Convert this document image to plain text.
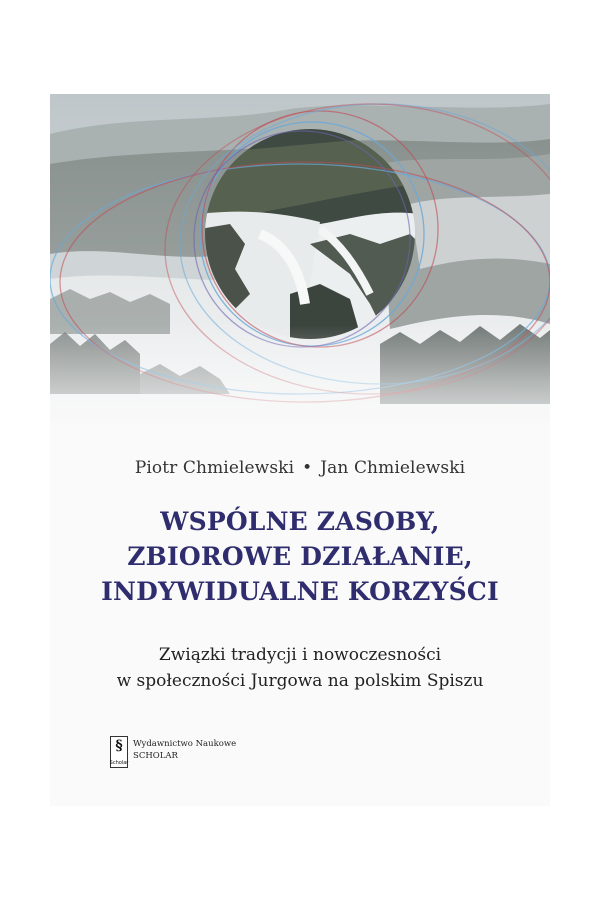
Piotr Chmielewski • Jan Chmielewski
WSPÓLNE ZASOBY,
ZBIOROWE DZIAŁANIE,
INDYWIDUALNE KORZYŚCI
Związki tradycji i nowoczesności
w społeczności Jurgowa na polskim Spiszu
§
Scholar
Wydawnictwo Naukowe
SCHOLAR
